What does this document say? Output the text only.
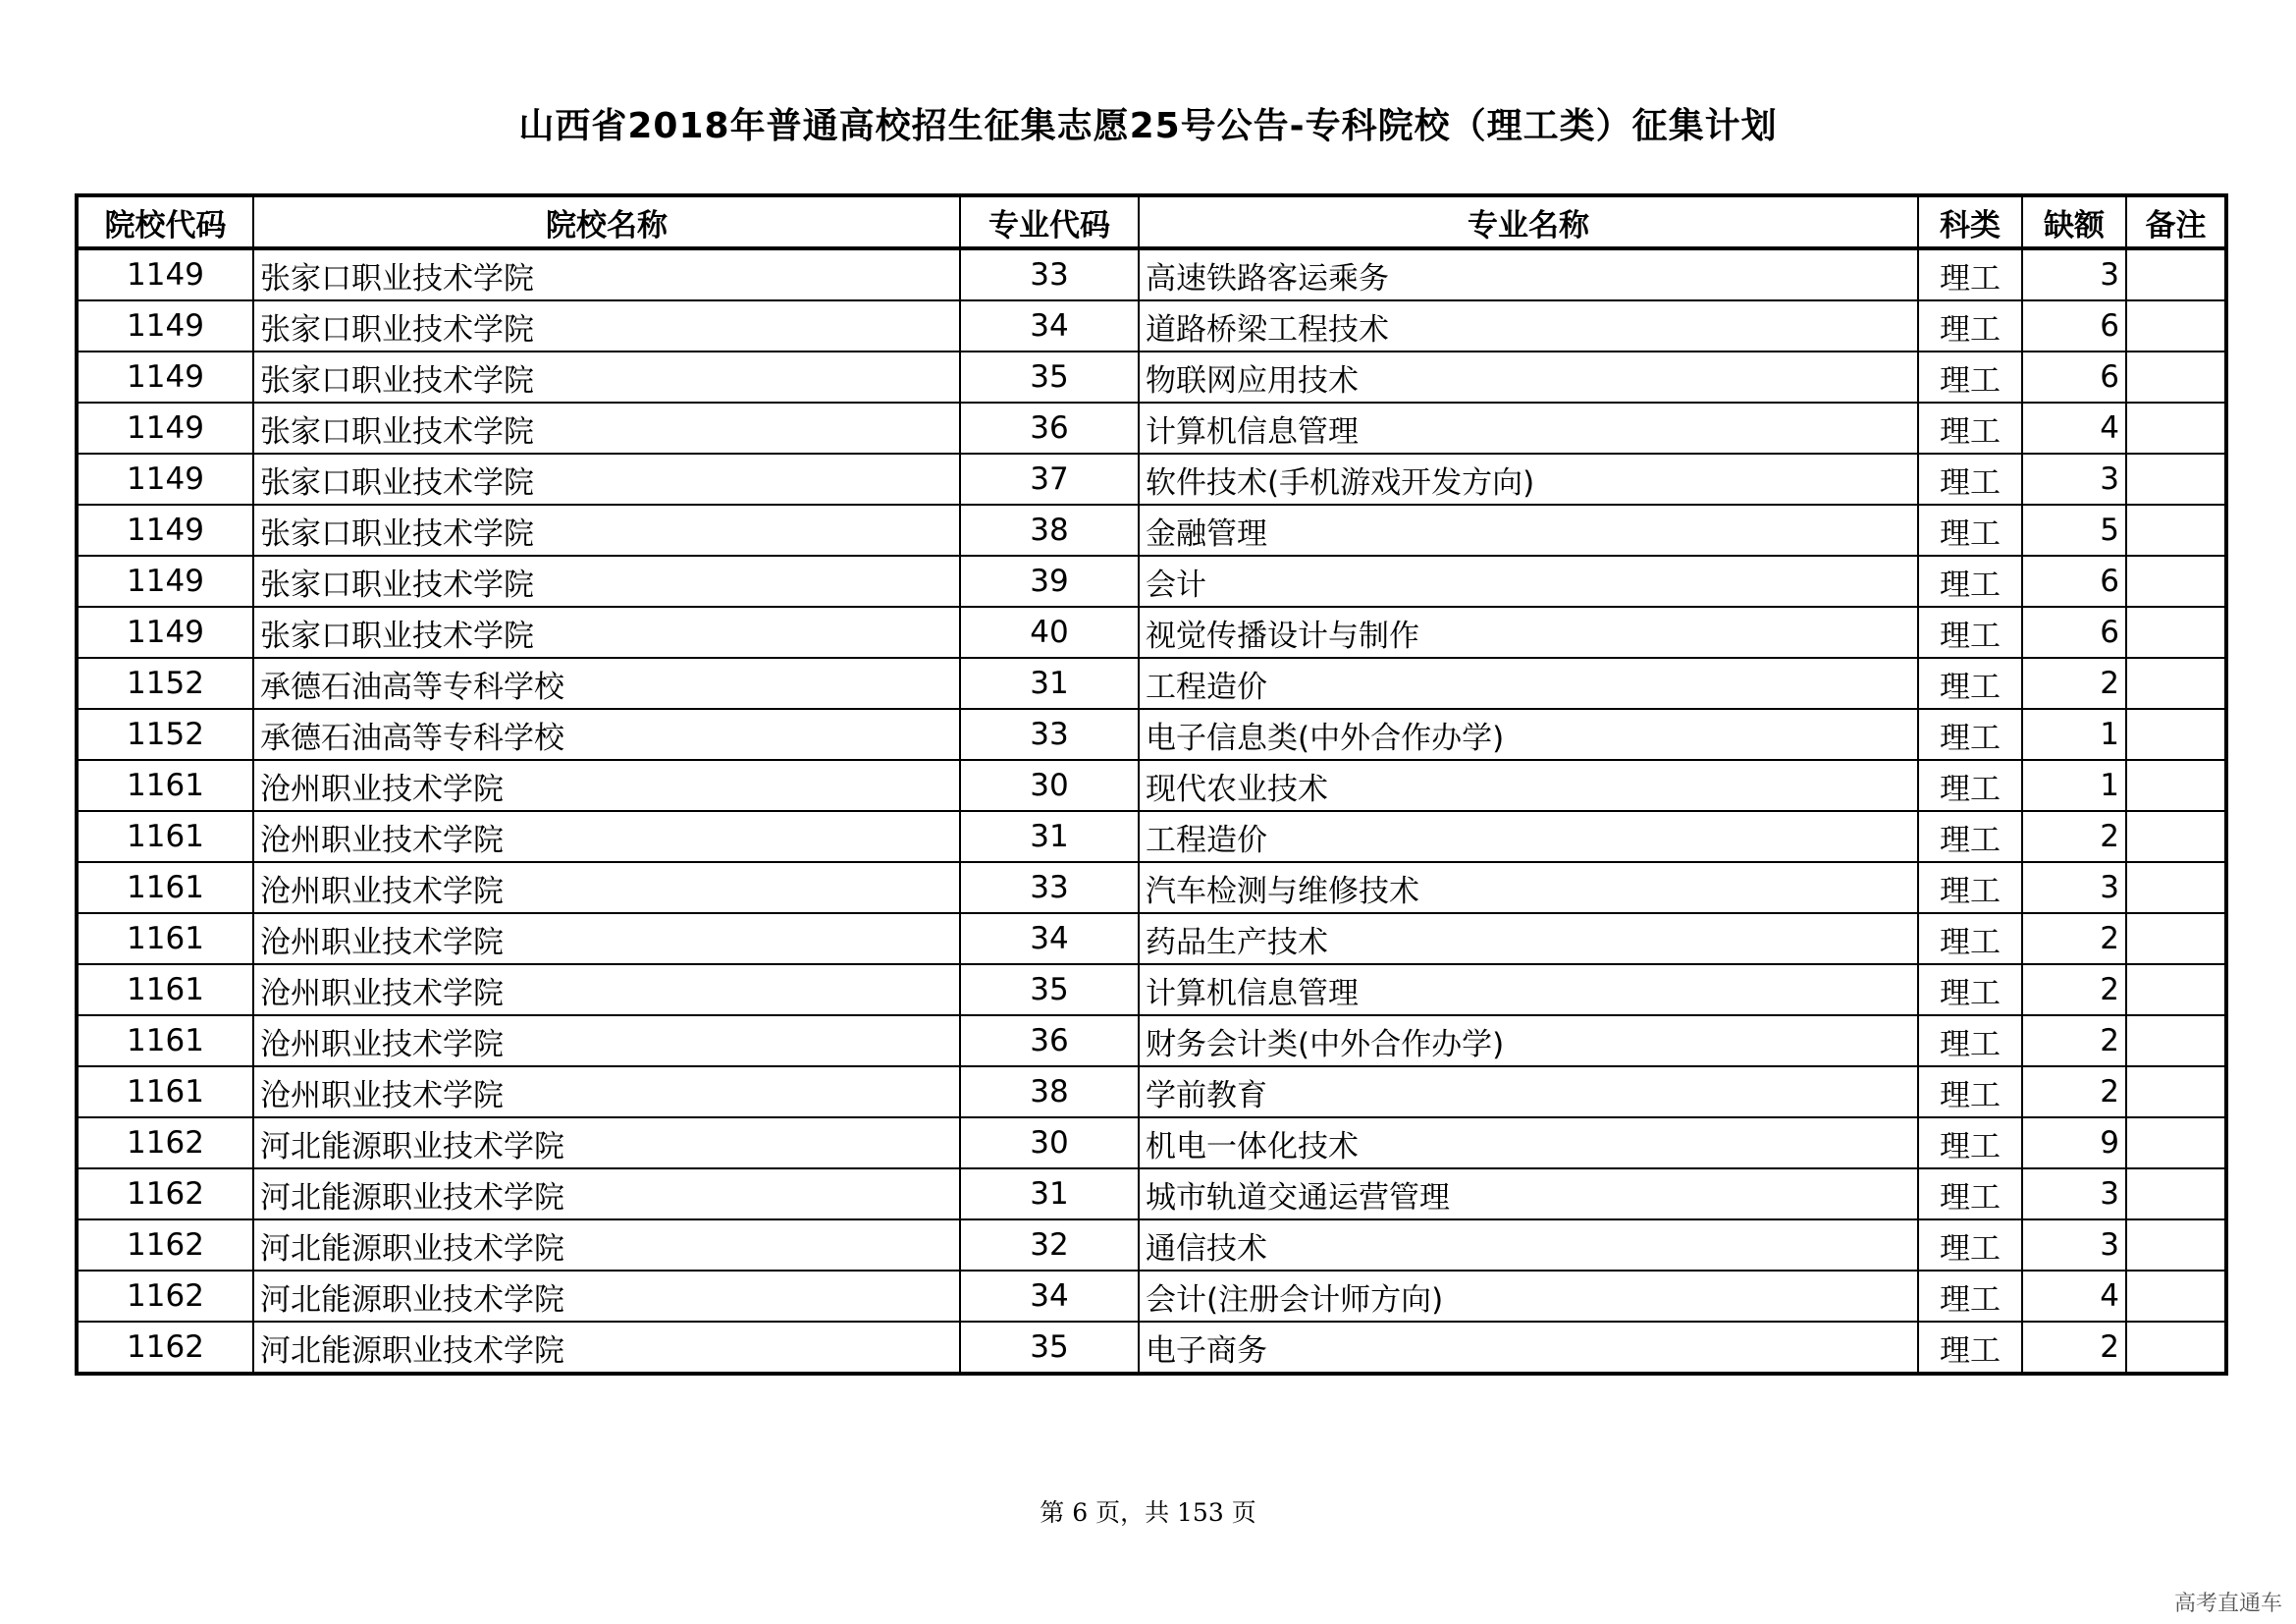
山西省2018年普通高校招生征集志愿25号公告-专科院校（理工类）征集计划
院校代码	院校名称	专业代码	专业名称	科类	缺额	备注
1149	张家口职业技术学院	33	高速铁路客运乘务	理工	3	
1149	张家口职业技术学院	34	道路桥梁工程技术	理工	6	
1149	张家口职业技术学院	35	物联网应用技术	理工	6	
1149	张家口职业技术学院	36	计算机信息管理	理工	4	
1149	张家口职业技术学院	37	软件技术(手机游戏开发方向)	理工	3	
1149	张家口职业技术学院	38	金融管理	理工	5	
1149	张家口职业技术学院	39	会计	理工	6	
1149	张家口职业技术学院	40	视觉传播设计与制作	理工	6	
1152	承德石油高等专科学校	31	工程造价	理工	2	
1152	承德石油高等专科学校	33	电子信息类(中外合作办学)	理工	1	
1161	沧州职业技术学院	30	现代农业技术	理工	1	
1161	沧州职业技术学院	31	工程造价	理工	2	
1161	沧州职业技术学院	33	汽车检测与维修技术	理工	3	
1161	沧州职业技术学院	34	药品生产技术	理工	2	
1161	沧州职业技术学院	35	计算机信息管理	理工	2	
1161	沧州职业技术学院	36	财务会计类(中外合作办学)	理工	2	
1161	沧州职业技术学院	38	学前教育	理工	2	
1162	河北能源职业技术学院	30	机电一体化技术	理工	9	
1162	河北能源职业技术学院	31	城市轨道交通运营管理	理工	3	
1162	河北能源职业技术学院	32	通信技术	理工	3	
1162	河北能源职业技术学院	34	会计(注册会计师方向)	理工	4	
1162	河北能源职业技术学院	35	电子商务	理工	2	
第 6 页，共 153 页
高考直通车
